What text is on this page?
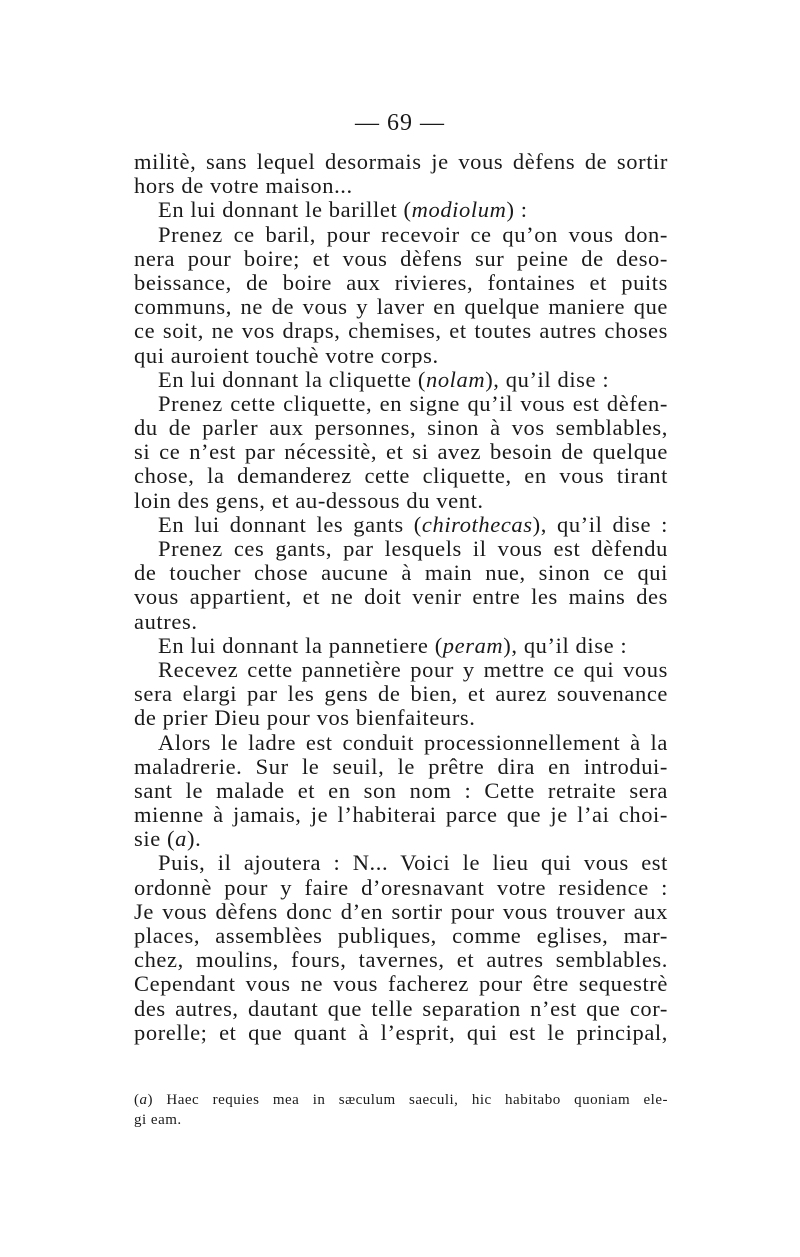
— 69 —
militè, sans lequel desormais je vous dèfens de sortir
hors de votre maison...
En lui donnant le barillet (modiolum) :
Prenez ce baril, pour recevoir ce qu’on vous don-
nera pour boire; et vous dèfens sur peine de deso-
beissance, de boire aux rivieres, fontaines et puits
communs, ne de vous y laver en quelque maniere que
ce soit, ne vos draps, chemises, et toutes autres choses
qui auroient touchè votre corps.
En lui donnant la cliquette (nolam), qu’il dise :
Prenez cette cliquette, en signe qu’il vous est dèfen-
du de parler aux personnes, sinon à vos semblables,
si ce n’est par nécessitè, et si avez besoin de quelque
chose, la demanderez cette cliquette, en vous tirant
loin des gens, et au-dessous du vent.
En lui donnant les gants (chirothecas), qu’il dise :
Prenez ces gants, par lesquels il vous est dèfendu
de toucher chose aucune à main nue, sinon ce qui
vous appartient, et ne doit venir entre les mains des
autres.
En lui donnant la pannetiere (peram), qu’il dise :
Recevez cette pannetière pour y mettre ce qui vous
sera elargi par les gens de bien, et aurez souvenance
de prier Dieu pour vos bienfaiteurs.
Alors le ladre est conduit processionnellement à la
maladrerie. Sur le seuil, le prêtre dira en introdui-
sant le malade et en son nom : Cette retraite sera
mienne à jamais, je l’habiterai parce que je l’ai choi-
sie (a).
Puis, il ajoutera : N... Voici le lieu qui vous est
ordonnè pour y faire d’oresnavant votre residence :
Je vous dèfens donc d’en sortir pour vous trouver aux
places, assemblèes publiques, comme eglises, mar-
chez, moulins, fours, tavernes, et autres semblables.
Cependant vous ne vous facherez pour être sequestrè
des autres, dautant que telle separation n’est que cor-
porelle; et que quant à l’esprit, qui est le principal,
(a) Haec requies mea in sæculum saeculi, hic habitabo quoniam ele-
gi eam.
